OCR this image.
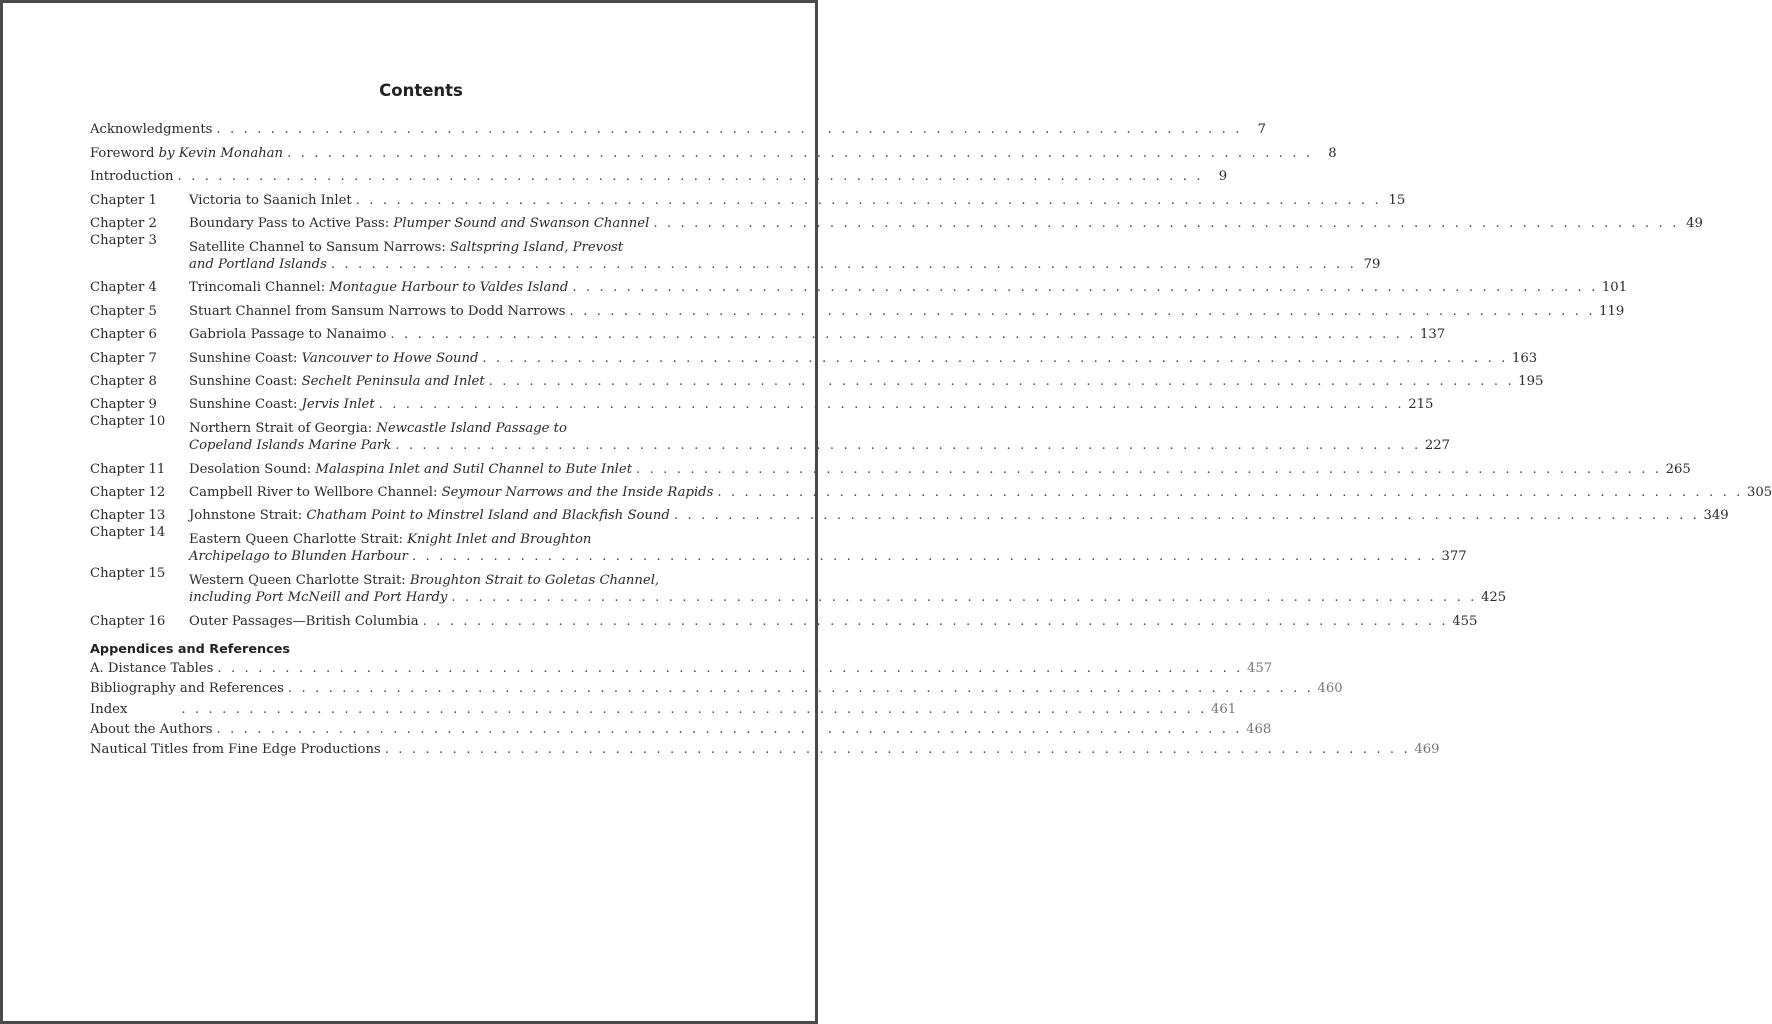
Contents
Acknowledgments . . .	7
Foreword by Kevin Monahan . . .	8
Introduction . . .	9
Chapter 1	Victoria to Saanich Inlet . . .	15
Chapter 2	Boundary Pass to Active Pass: Plumper Sound and Swanson Channel . . .	49
Chapter 3	Satellite Channel to Sansum Narrows: Saltspring Island, Prevost
and Portland Islands . . .	79
Chapter 4	Trincomali Channel: Montague Harbour to Valdes Island . . .	101
Chapter 5	Stuart Channel from Sansum Narrows to Dodd Narrows . . .	119
Chapter 6	Gabriola Passage to Nanaimo . . .	137
Chapter 7	Sunshine Coast: Vancouver to Howe Sound . . .	163
Chapter 8	Sunshine Coast: Sechelt Peninsula and Inlet . . .	195
Chapter 9	Sunshine Coast: Jervis Inlet . . .	215
Chapter 10	Northern Strait of Georgia: Newcastle Island Passage to
Copeland Islands Marine Park . . .	227
Chapter 11	Desolation Sound: Malaspina Inlet and Sutil Channel to Bute Inlet . . .	265
Chapter 12	Campbell River to Wellbore Channel: Seymour Narrows and the Inside Rapids . . .	305
Chapter 13	Johnstone Strait: Chatham Point to Minstrel Island and Blackfish Sound . . .	349
Chapter 14	Eastern Queen Charlotte Strait: Knight Inlet and Broughton
Archipelago to Blunden Harbour . . .	377
Chapter 15	Western Queen Charlotte Strait: Broughton Strait to Goletas Channel,
including Port McNeill and Port Hardy . . .	425
Chapter 16	Outer Passages—British Columbia . . .	455
Appendices and References
A. Distance Tables . . .	457
Bibliography and References . . .	460
Index . . .	461
About the Authors . . .	468
Nautical Titles from Fine Edge Productions . . .	469
